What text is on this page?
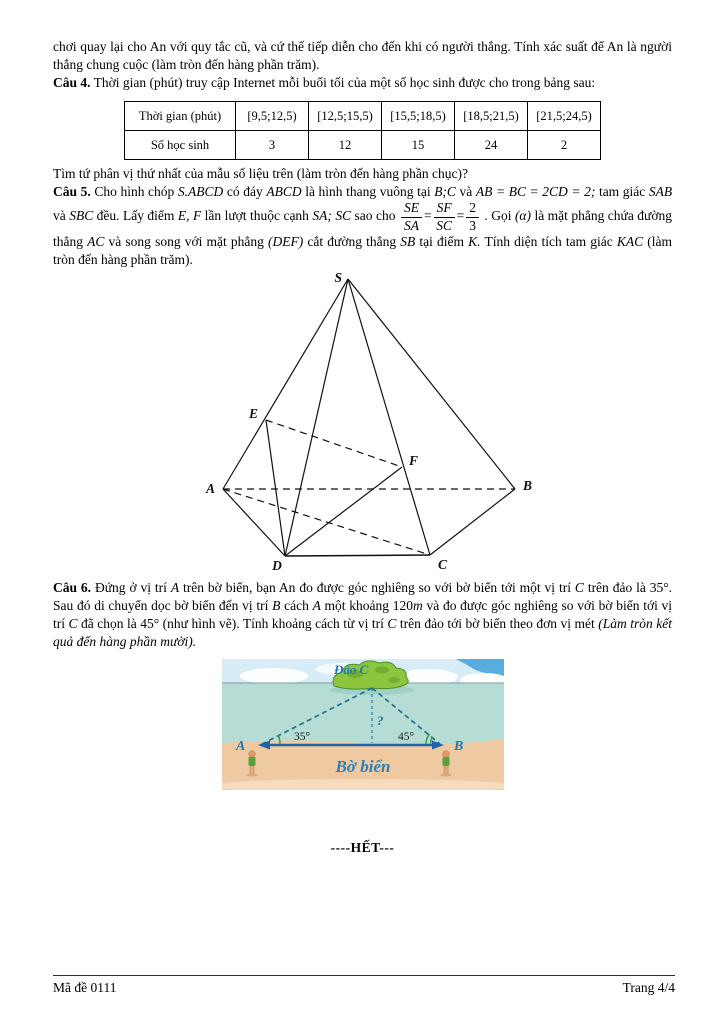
chơi quay lại cho An với quy tắc cũ, và cứ thế tiếp diễn cho đến khi có người thắng. Tính xác suất để An là người thắng chung cuộc (làm tròn đến hàng phần trăm).

Câu 4. Thời gian (phút) truy cập Internet mỗi buổi tối của một số học sinh được cho trong bảng sau:

Thời gian (phút)	[9,5;12,5)	[12,5;15,5)	[15,5;18,5)	[18,5;21,5)	[21,5;24,5)
Số học sinh	3	12	15	24	2

Tìm tứ phân vị thứ nhất của mẫu số liệu trên (làm tròn đến hàng phần chục)?

Câu 5. Cho hình chóp S.ABCD có đáy ABCD là hình thang vuông tại B;C và AB = BC = 2CD = 2; tam giác SAB và SBC đều. Lấy điểm E, F lần lượt thuộc cạnh SA; SC sao cho $\frac{SE}{SA} = \frac{SF}{SC} = \frac{2}{3}$ . Gọi (α) là mặt phẳng chứa đường thẳng AC và song song với mặt phẳng (DEF) cắt đường thẳng SB tại điểm K. Tính diện tích tam giác KAC (làm tròn đến hàng phần trăm).

S
E
F
A	B
D	C

Câu 6. Đứng ở vị trí A trên bờ biển, bạn An đo được góc nghiêng so với bờ biển tới một vị trí C trên đảo là 35°. Sau đó di chuyển dọc bờ biển đến vị trí B cách A một khoảng 120m và đo được góc nghiêng so với bờ biển tới vị trí C đã chọn là 45° (như hình vẽ). Tính khoảng cách từ vị trí C trên đảo tới bờ biển theo đơn vị mét (Làm tròn kết quả đến hàng phần mười).

Đảo C
?
35°	45°
A	B
Bờ biển
----HẾT---
Mã đề 0111	Trang 4/4
